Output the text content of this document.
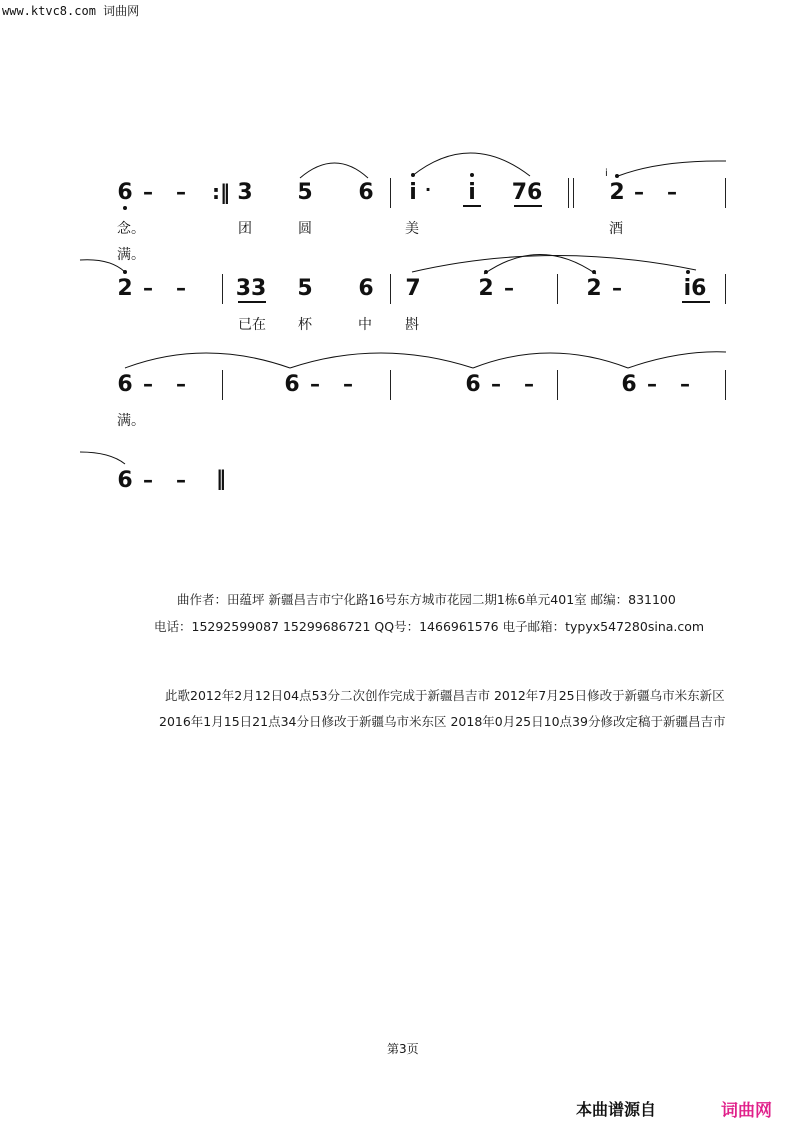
www.ktvc8.com 词曲网
6 – – :‖ 3 5 6 i · i 76
i
2 – –
念。	团	圆	美	酒
满。
2 – – 33 5 6 7	2 –	2 – i6
已在 杯	中 斟
6 – –	6 – –	6 – –	6 – –
满。
6 – – ‖
曲作者：田蕴坪 新疆昌吉市宁化路16号东方城市花园二期1栋6单元401室 邮编：831100
电话：15292599087 15299686721 QQ号：1466961576 电子邮箱：typyx547280sina.com
此歌2012年2月12日04点53分二次创作完成于新疆昌吉市 2012年7月25日修改于新疆乌市米东新区
2016年1月15日21点34分日修改于新疆乌市米东区 2018年0月25日10点39分修改定稿于新疆昌吉市
第3页
本曲谱源自	词曲网
